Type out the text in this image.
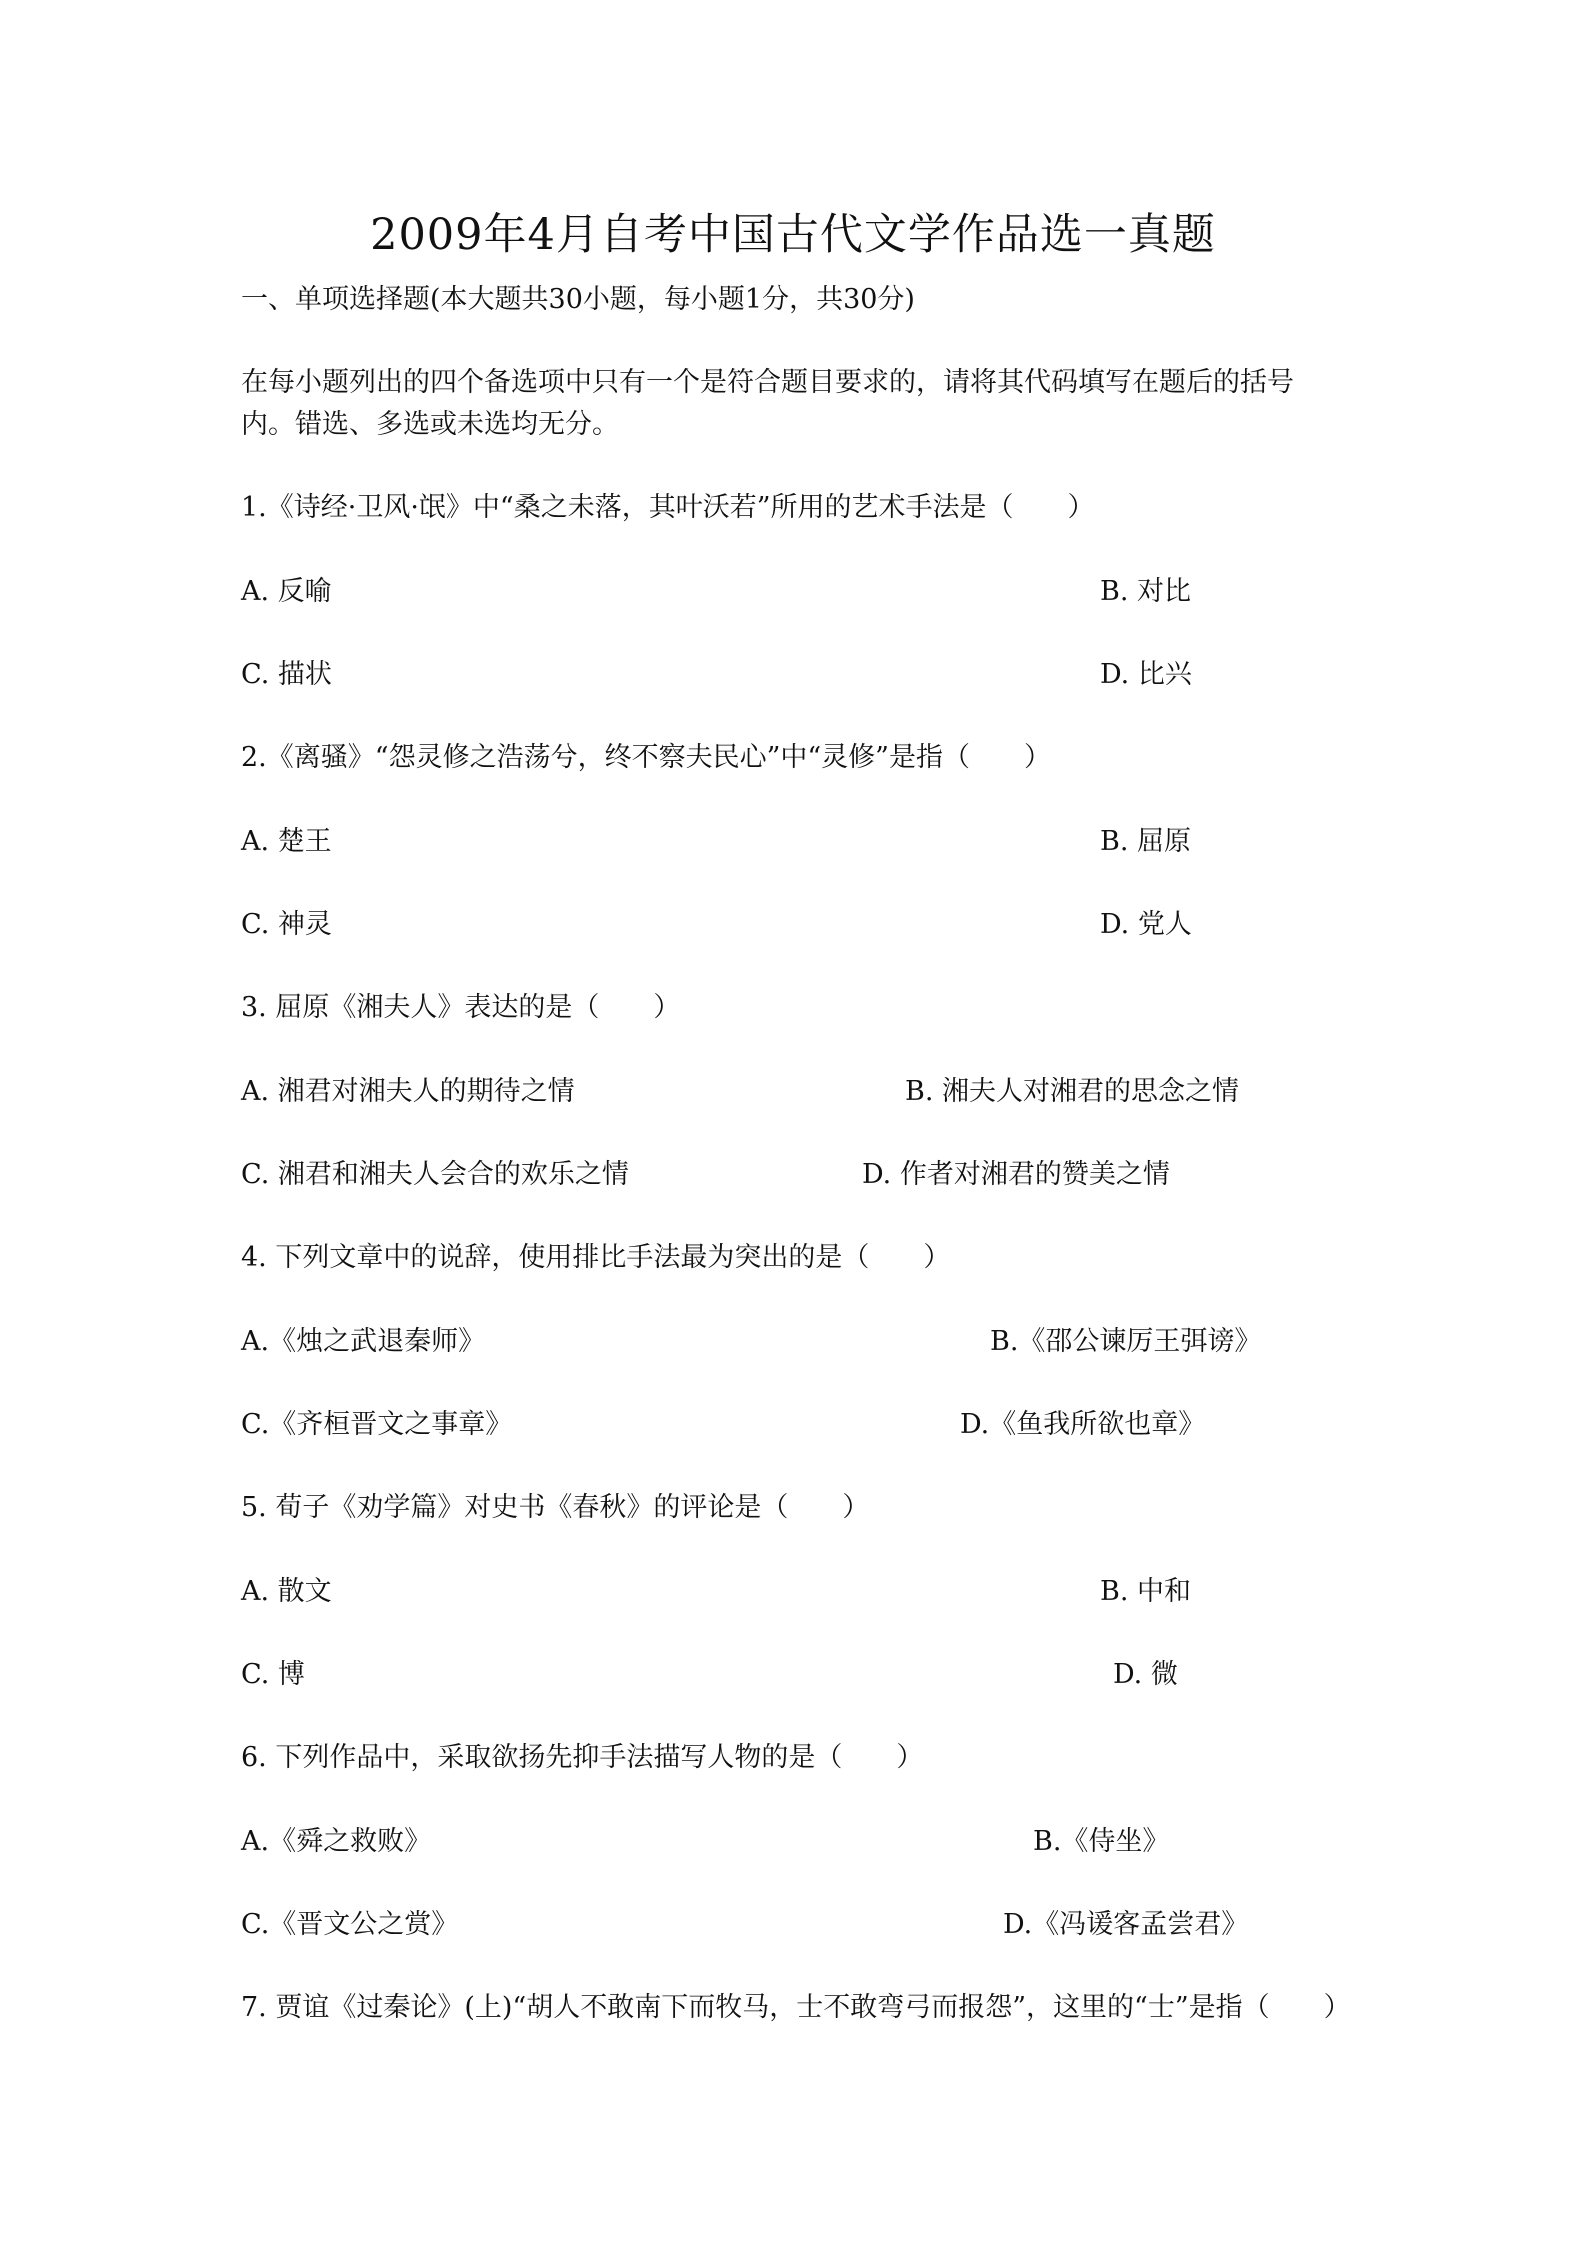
2009年4月自考中国古代文学作品选一真题
一、单项选择题(本大题共30小题，每小题1分，共30分)
在每小题列出的四个备选项中只有一个是符合题目要求的，请将其代码填写在题后的括号
内。错选、多选或未选均无分。
1.《诗经·卫风·氓》中“桑之未落，其叶沃若”所用的艺术手法是（　　）
A. 反喻	B. 对比
C. 描状	D. 比兴
2.《离骚》“怨灵修之浩荡兮，终不察夫民心”中“灵修”是指（　　）
A. 楚王	B. 屈原
C. 神灵	D. 党人
3. 屈原《湘夫人》表达的是（　　）
A. 湘君对湘夫人的期待之情	B. 湘夫人对湘君的思念之情
C. 湘君和湘夫人会合的欢乐之情	D. 作者对湘君的赞美之情
4. 下列文章中的说辞，使用排比手法最为突出的是（　　）
A.《烛之武退秦师》	B.《邵公谏厉王弭谤》
C.《齐桓晋文之事章》	D.《鱼我所欲也章》
5. 荀子《劝学篇》对史书《春秋》的评论是（　　）
A. 散文	B. 中和
C. 博	D. 微
6. 下列作品中，采取欲扬先抑手法描写人物的是（　　）
A.《舜之救败》	B.《侍坐》
C.《晋文公之赏》	D.《冯谖客孟尝君》
7. 贾谊《过秦论》(上)“胡人不敢南下而牧马，士不敢弯弓而报怨”，这里的“士”是指（　　）
